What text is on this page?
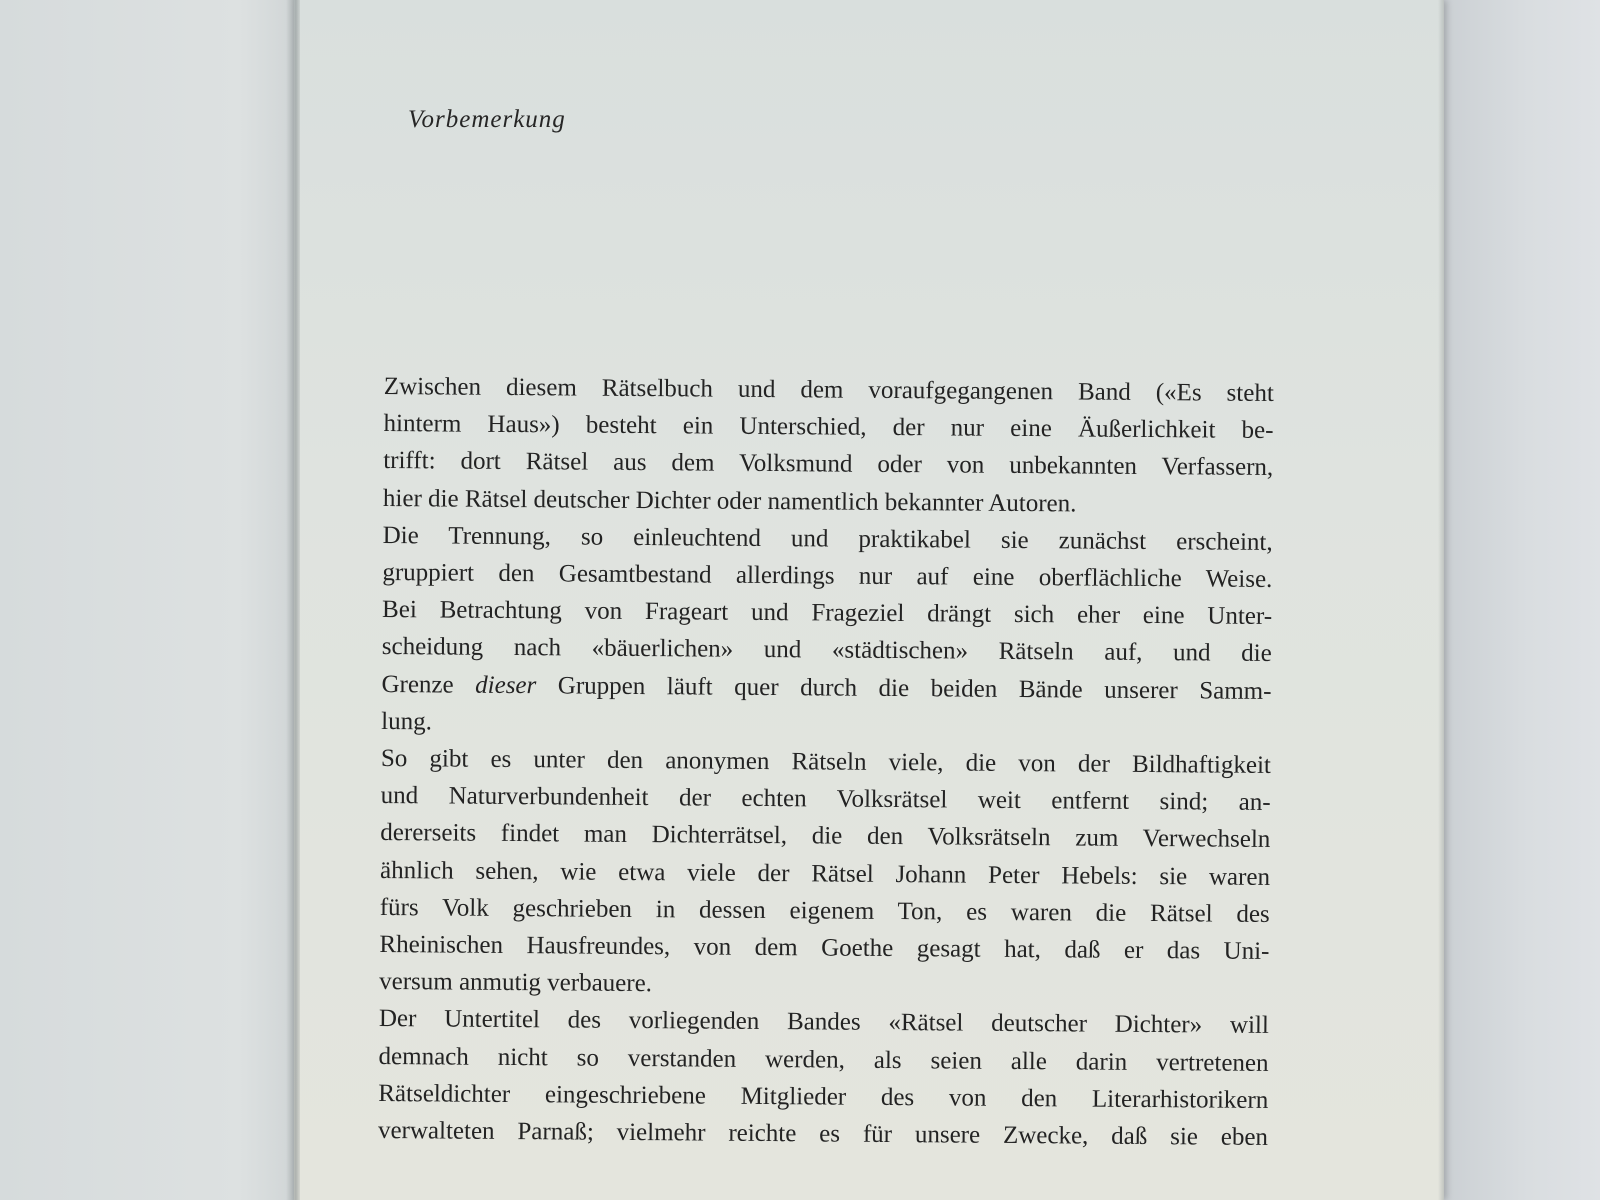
Vorbemerkung
Zwischen diesem Rätselbuch und dem voraufgegangenen Band («Es steht
hinterm Haus») besteht ein Unterschied, der nur eine Äußerlichkeit be-
trifft: dort Rätsel aus dem Volksmund oder von unbekannten Verfassern,
hier die Rätsel deutscher Dichter oder namentlich bekannter Autoren.
Die Trennung, so einleuchtend und praktikabel sie zunächst erscheint,
gruppiert den Gesamtbestand allerdings nur auf eine oberflächliche Weise.
Bei Betrachtung von Frageart und Frageziel drängt sich eher eine Unter-
scheidung nach «bäuerlichen» und «städtischen» Rätseln auf, und die
Grenze dieser Gruppen läuft quer durch die beiden Bände unserer Samm-
lung.
So gibt es unter den anonymen Rätseln viele, die von der Bildhaftigkeit
und Naturverbundenheit der echten Volksrätsel weit entfernt sind; an-
dererseits findet man Dichterrätsel, die den Volksrätseln zum Verwechseln
ähnlich sehen, wie etwa viele der Rätsel Johann Peter Hebels: sie waren
fürs Volk geschrieben in dessen eigenem Ton, es waren die Rätsel des
Rheinischen Hausfreundes, von dem Goethe gesagt hat, daß er das Uni-
versum anmutig verbauere.
Der Untertitel des vorliegenden Bandes «Rätsel deutscher Dichter» will
demnach nicht so verstanden werden, als seien alle darin vertretenen
Rätseldichter eingeschriebene Mitglieder des von den Literarhistorikern
verwalteten Parnaß; vielmehr reichte es für unsere Zwecke, daß sie eben
